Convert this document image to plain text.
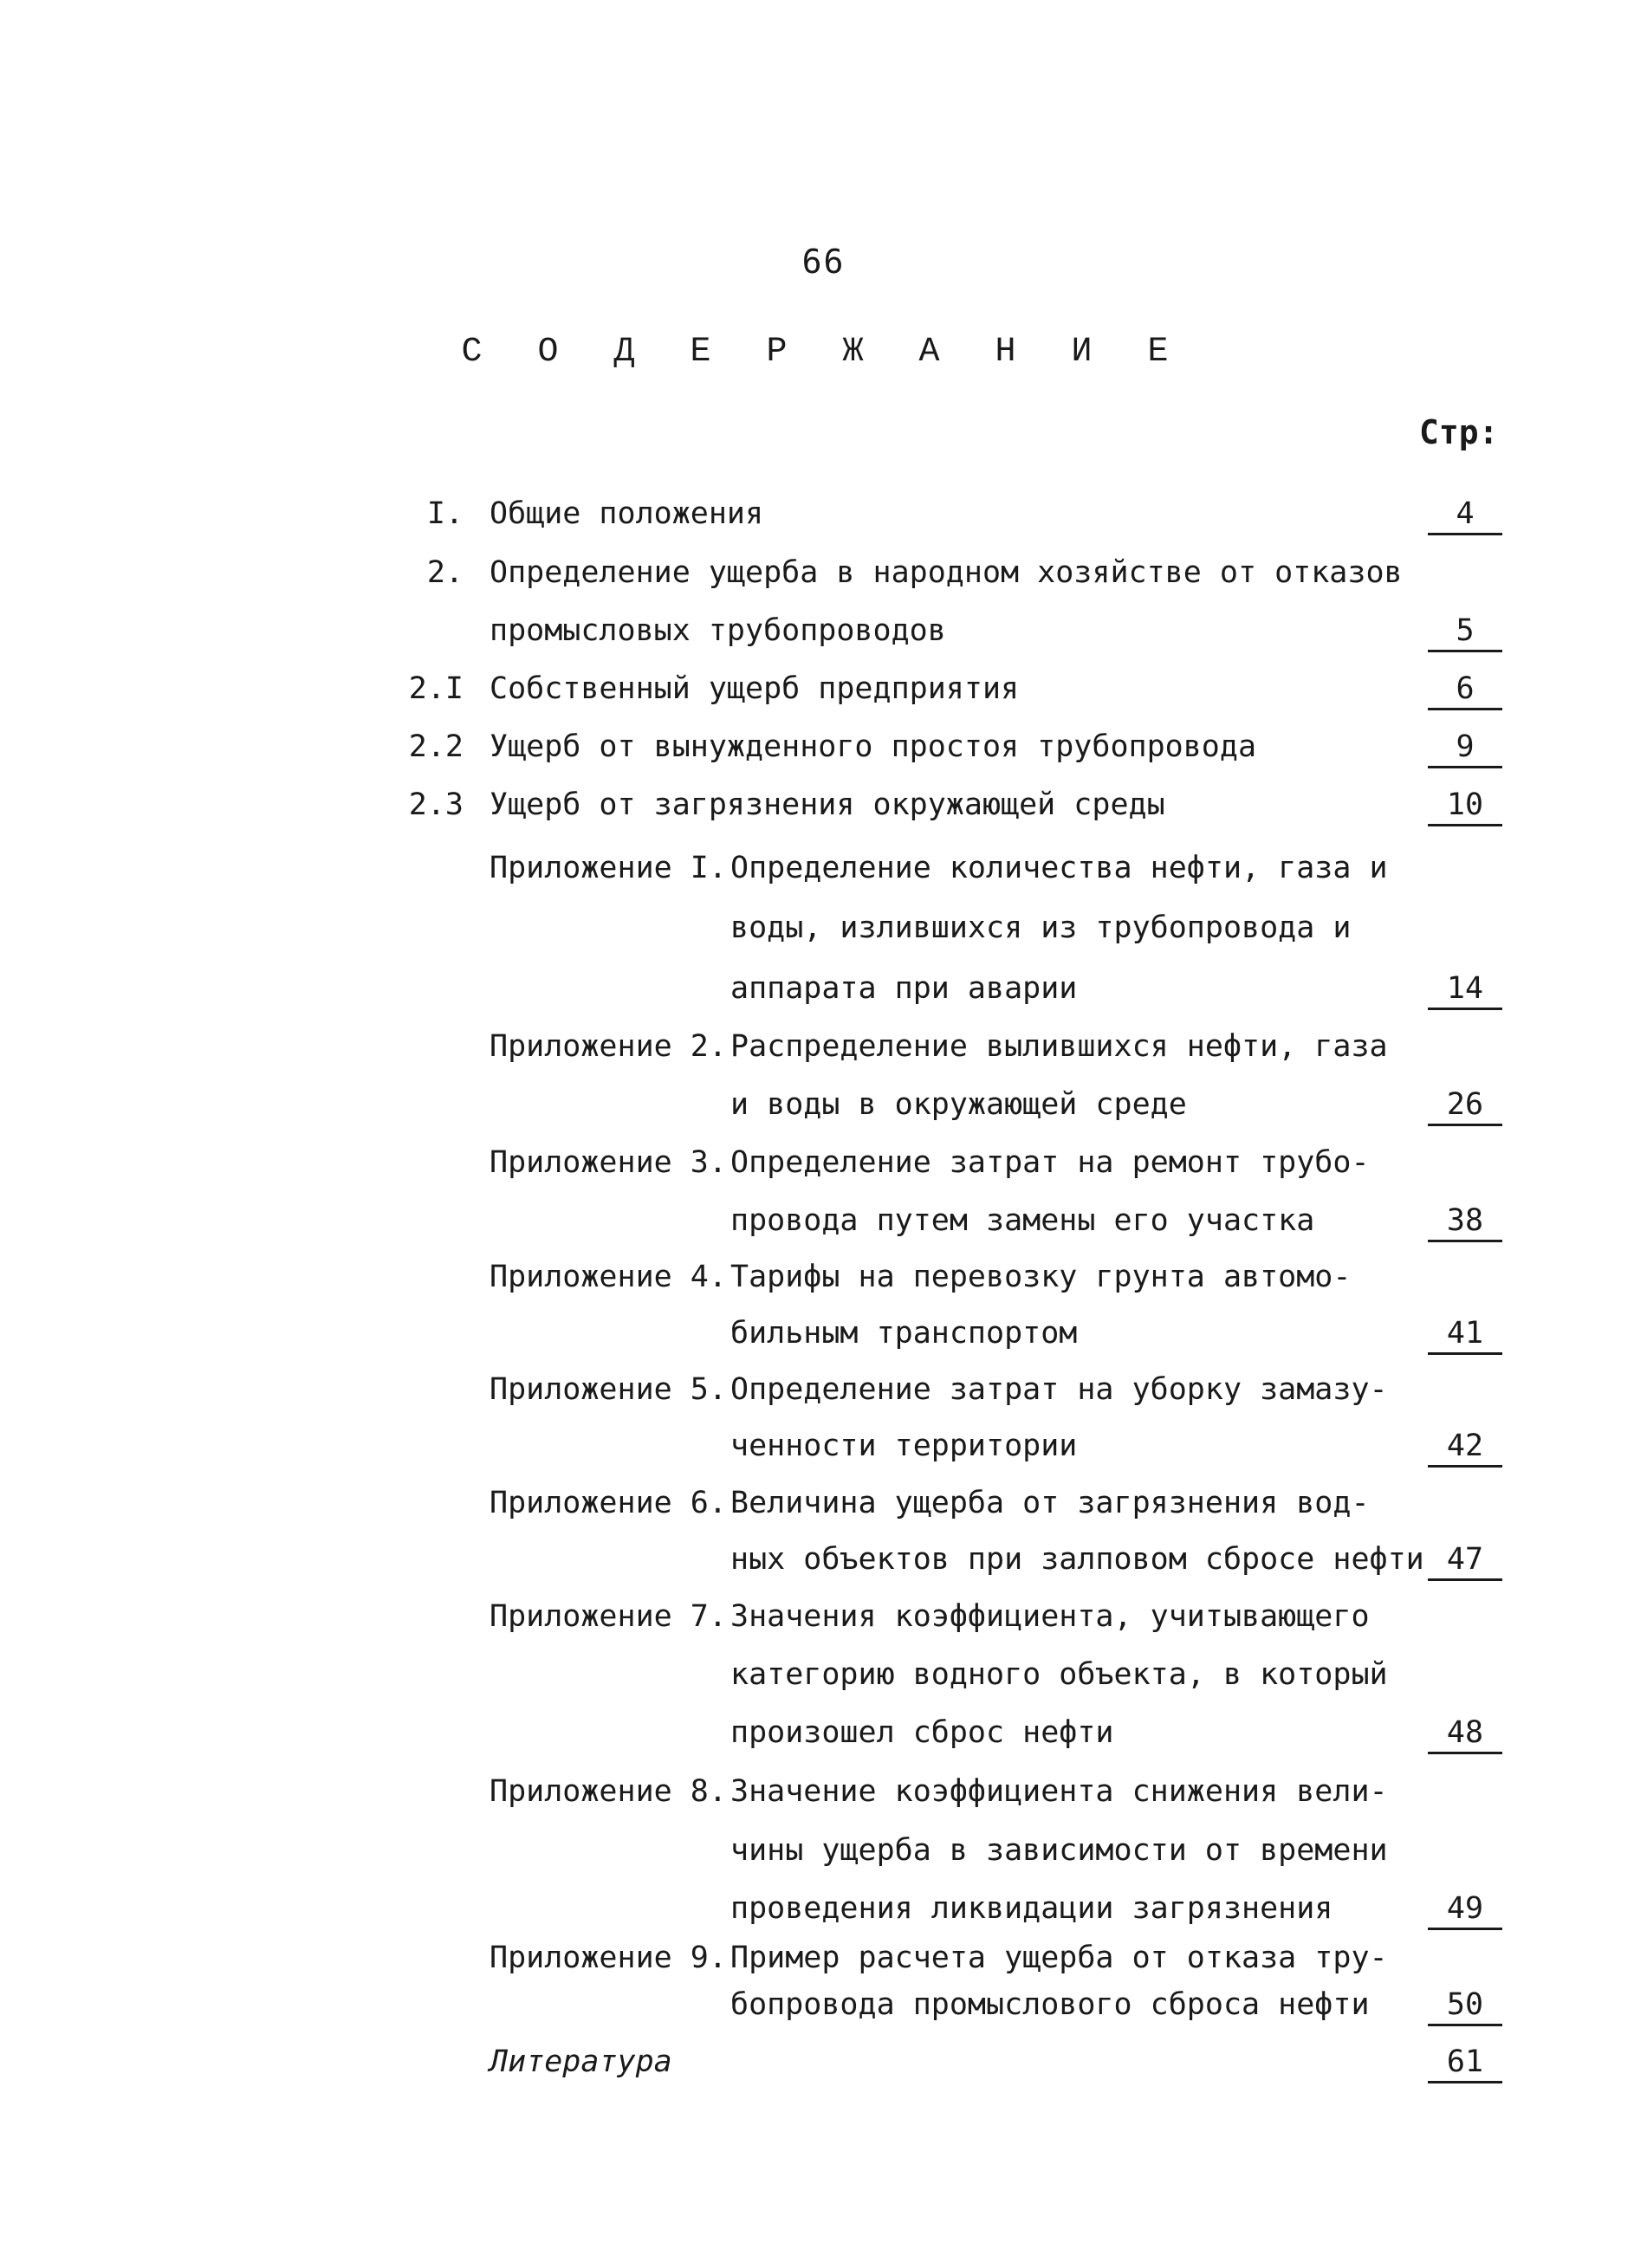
66
С О Д Е Р Ж А Н И Е
Стр:
I. Общие положения	4
2. Определение ущерба в народном хозяйстве от отказов
промысловых трубопроводов	5
2.I Собственный ущерб предприятия	6
2.2 Ущерб от вынужденного простоя трубопровода	9
2.3 Ущерб от загрязнения окружающей среды	10
Приложение I. Определение количества нефти, газа и
воды, излившихся из трубопровода и
аппарата при аварии	14
Приложение 2. Распределение вылившихся нефти, газа
и воды в окружающей среде	26
Приложение 3. Определение затрат на ремонт трубо-
провода путем замены его участка	38
Приложение 4. Тарифы на перевозку грунта автомо-
бильным транспортом	41
Приложение 5. Определение затрат на уборку замазу-
ченности территории	42
Приложение 6. Величина ущерба от загрязнения вод-
ных объектов при залповом сбросе нефти 47
Приложение 7. Значения коэффициента, учитывающего
категорию водного объекта, в который
произошел сброс нефти	48
Приложение 8. Значение коэффициента снижения вели-
чины ущерба в зависимости от времени
проведения ликвидации загрязнения	49
Приложение 9. Пример расчета ущерба от отказа тру-
бопровода промыслового сброса нефти	50
Литература	61
